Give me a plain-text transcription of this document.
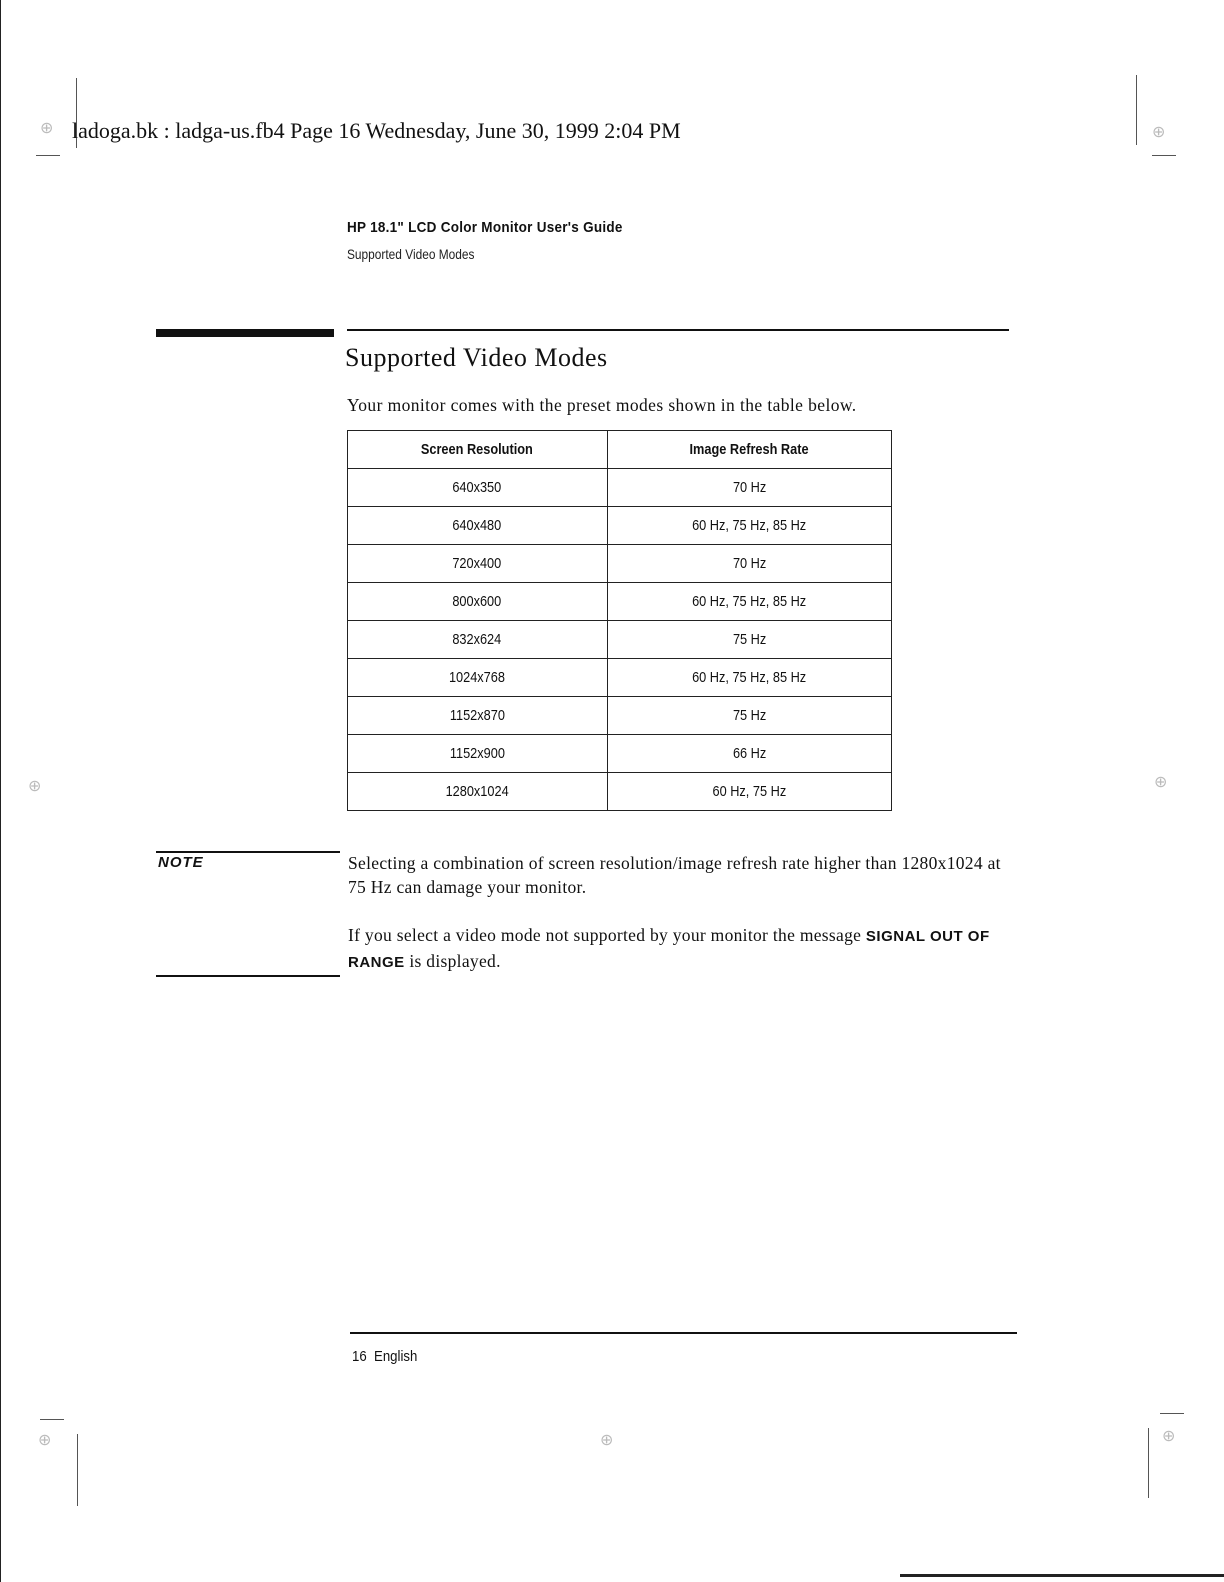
⊕	⊕
⊕	⊕
⊕	⊕	⊕
ladoga.bk : ladga-us.fb4 Page 16 Wednesday, June 30, 1999 2:04 PM
HP 18.1" LCD Color Monitor User's Guide
Supported Video Modes
Supported Video Modes
Your monitor comes with the preset modes shown in the table below.
Screen Resolution	Image Refresh Rate
640x350	70 Hz
640x480	60 Hz, 75 Hz, 85 Hz
720x400	70 Hz
800x600	60 Hz, 75 Hz, 85 Hz
832x624	75 Hz
1024x768	60 Hz, 75 Hz, 85 Hz
1152x870	75 Hz
1152x900	66 Hz
1280x1024	60 Hz, 75 Hz
NOTE	Selecting a combination of screen resolution/image refresh rate higher than 1280x1024 at 75 Hz can damage your monitor.
If you select a video mode not supported by your monitor the message SIGNAL OUT OF RANGE is displayed.
16 English
